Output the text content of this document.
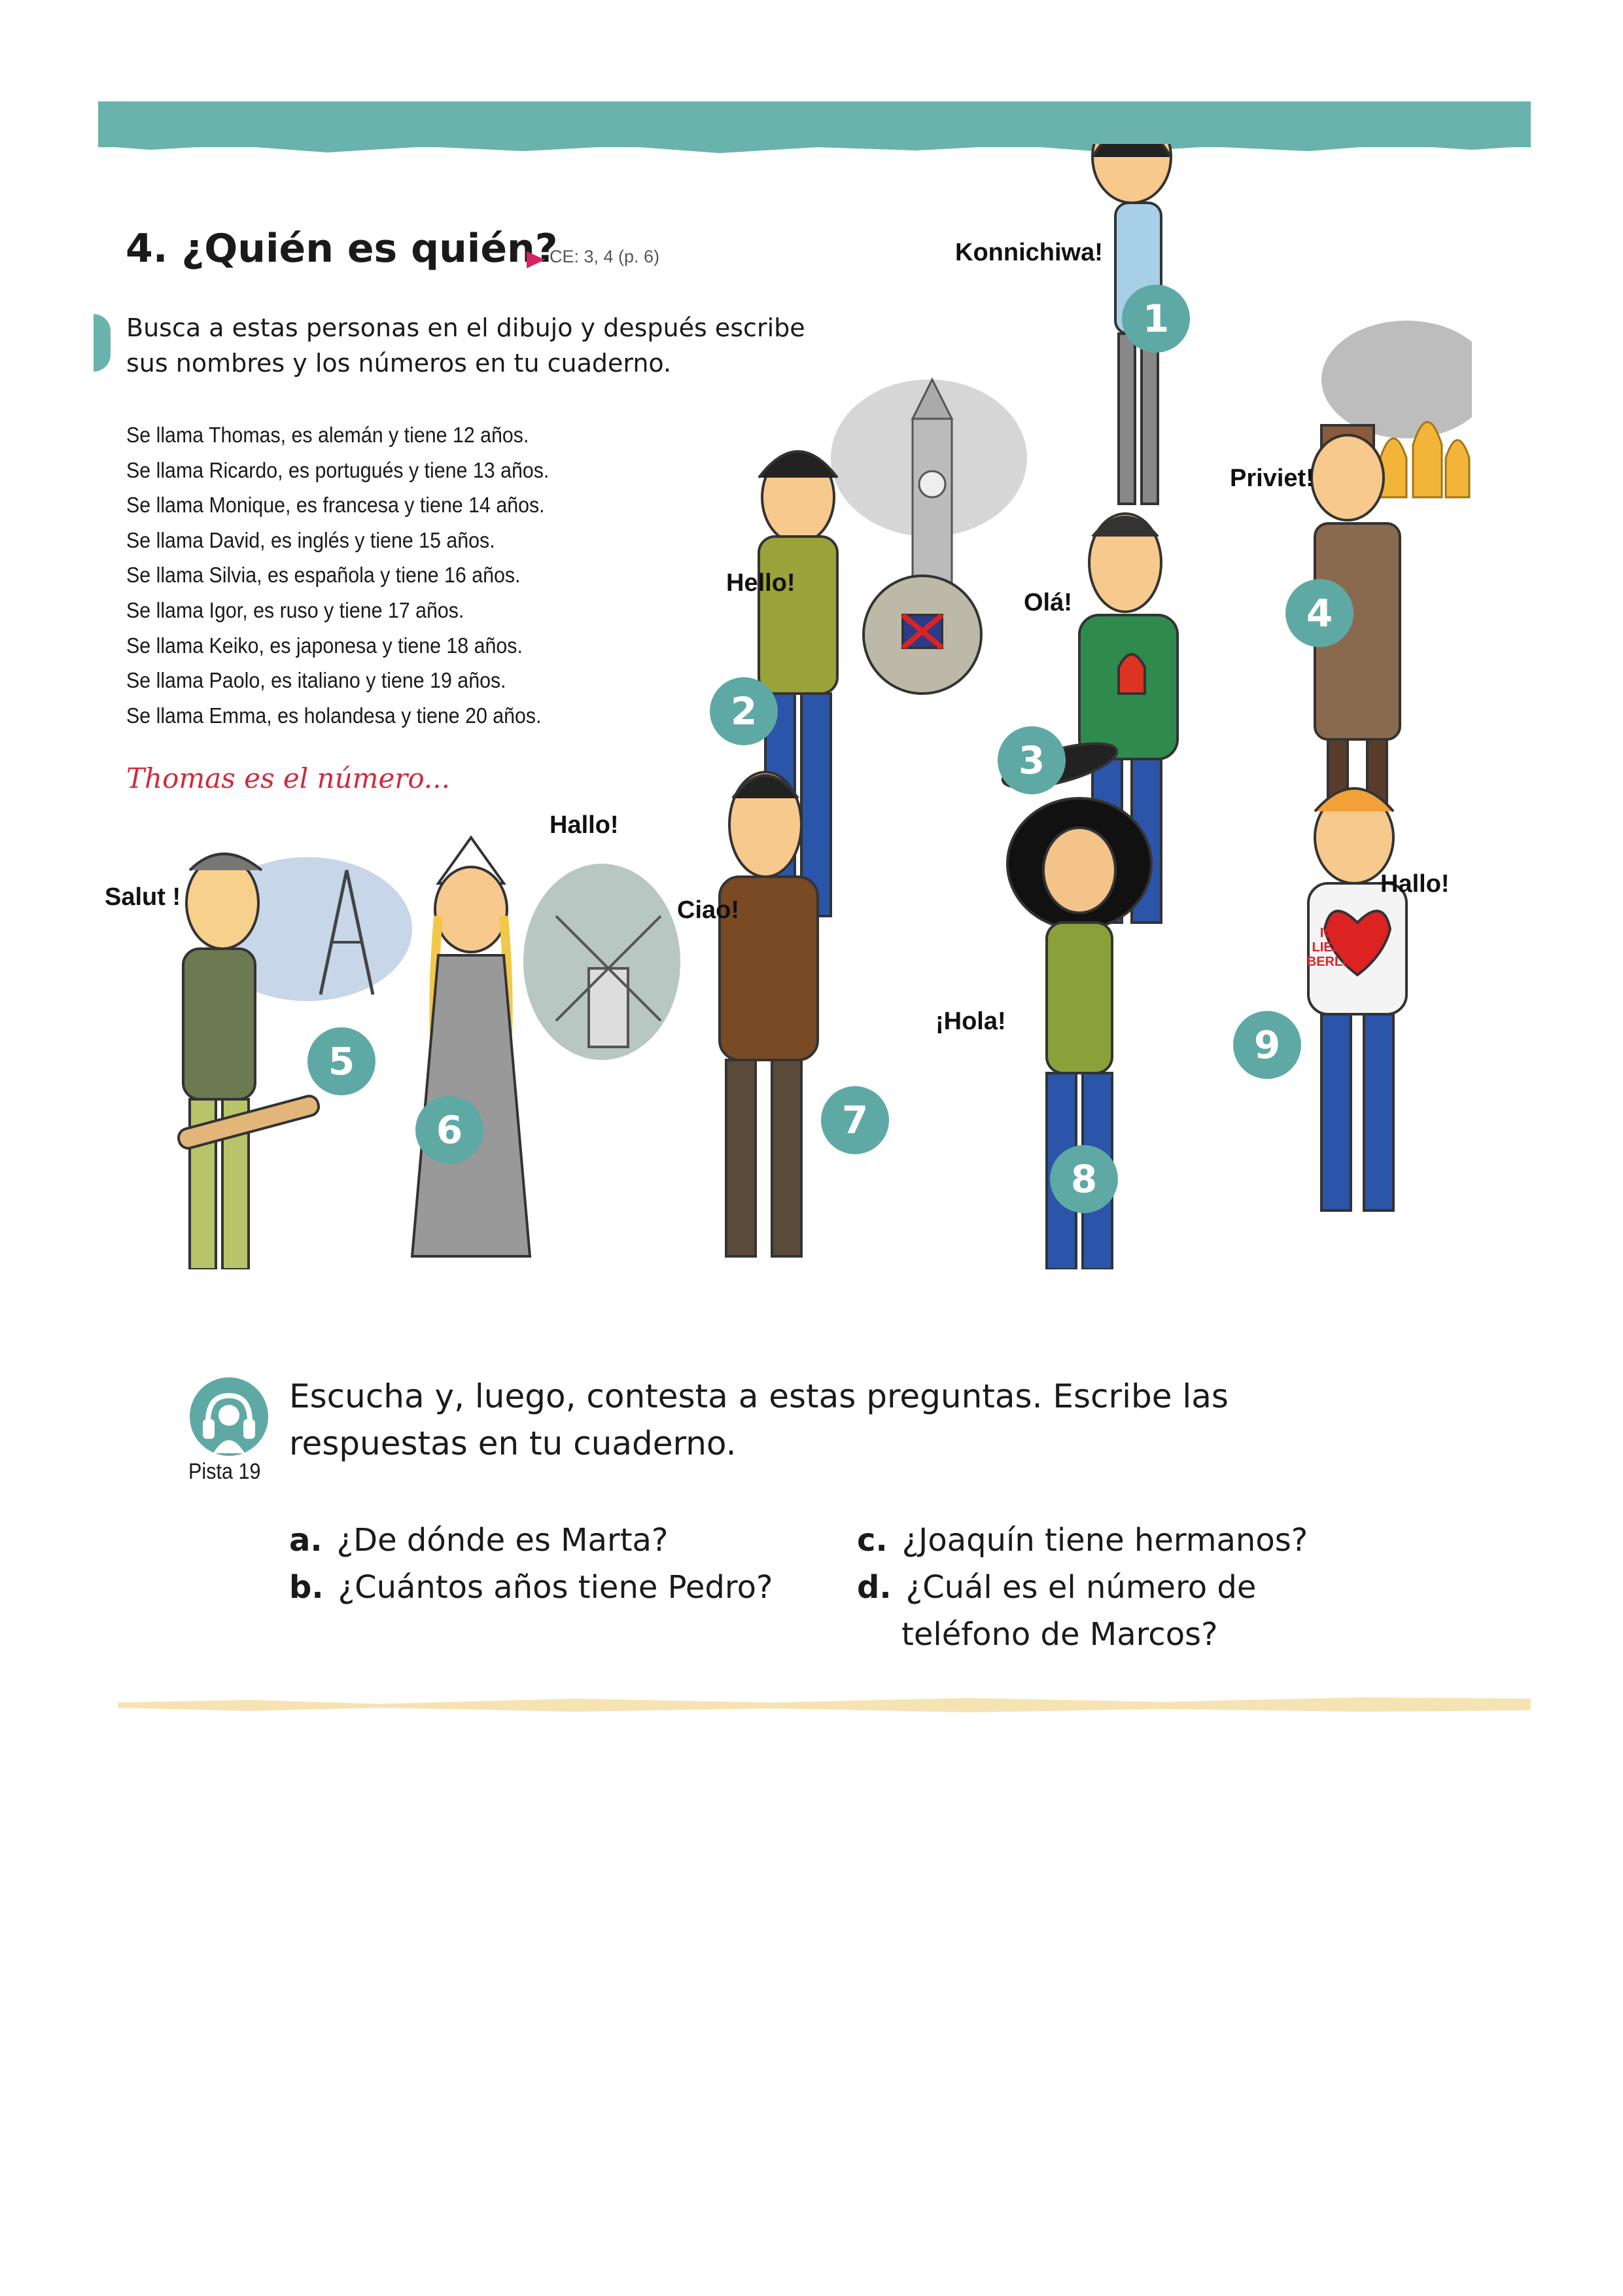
4. ¿Quién es quién?
CE: 3, 4 (p. 6)
Busca a estas personas en el dibujo y después escribe sus nombres y los números en tu cuaderno.
Se llama Thomas, es alemán y tiene 12 años.
Se llama Ricardo, es portugués y tiene 13 años.
Se llama Monique, es francesa y tiene 14 años.
Se llama David, es inglés y tiene 15 años.
Se llama Silvia, es española y tiene 16 años.
Se llama Igor, es ruso y tiene 17 años.
Se llama Keiko, es japonesa y tiene 18 años.
Se llama Paolo, es italiano y tiene 19 años.
Se llama Emma, es holandesa y tiene 20 años.
Thomas es el número...
Konnichiwa!
Priviet!
Hello!
Olá!
Hallo!
Salut !	Ciao!
¡Hola!
Hallo!
ICH LIEBE BERLIN
1
2
3
4
5
6	7
8
9
Pista 19
Escucha y, luego, contesta a estas preguntas. Escribe las respuestas en tu cuaderno.
a. ¿De dónde es Marta?
b. ¿Cuántos años tiene Pedro?
c. ¿Joaquín tiene hermanos?
d. ¿Cuál es el número de
teléfono de Marcos?
